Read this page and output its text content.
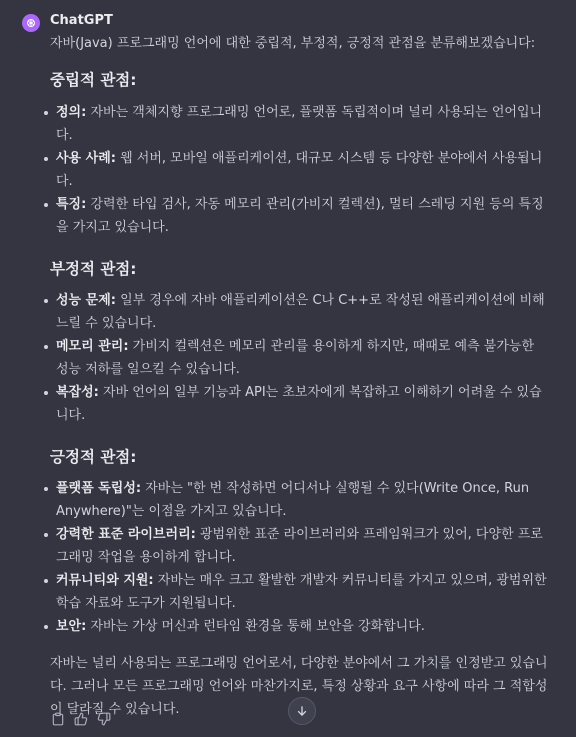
ChatGPT

자바(Java) 프로그래밍 언어에 대한 중립적, 부정적, 긍정적 관점을 분류해보겠습니다:

중립적 관점:
정의: 자바는 객체지향 프로그래밍 언어로, 플랫폼 독립적이며 널리 사용되는 언어입니다.
사용 사례: 웹 서버, 모바일 애플리케이션, 대규모 시스템 등 다양한 분야에서 사용됩니다.
특징: 강력한 타입 검사, 자동 메모리 관리(가비지 컬렉션), 멀티 스레딩 지원 등의 특징을 가지고 있습니다.
부정적 관점:
성능 문제: 일부 경우에 자바 애플리케이션은 C나 C++로 작성된 애플리케이션에 비해 느릴 수 있습니다.
메모리 관리: 가비지 컬렉션은 메모리 관리를 용이하게 하지만, 때때로 예측 불가능한 성능 저하를 일으킬 수 있습니다.
복잡성: 자바 언어의 일부 기능과 API는 초보자에게 복잡하고 이해하기 어려울 수 있습니다.
긍정적 관점:
플랫폼 독립성: 자바는 "한 번 작성하면 어디서나 실행될 수 있다(Write Once, Run Anywhere)"는 이점을 가지고 있습니다.
강력한 표준 라이브러리: 광범위한 표준 라이브러리와 프레임워크가 있어, 다양한 프로그래밍 작업을 용이하게 합니다.
커뮤니티와 지원: 자바는 매우 크고 활발한 개발자 커뮤니티를 가지고 있으며, 광범위한 학습 자료와 도구가 지원됩니다.
보안: 자바는 가상 머신과 런타임 환경을 통해 보안을 강화합니다.

자바는 널리 사용되는 프로그래밍 언어로서, 다양한 분야에서 그 가치를 인정받고 있습니다. 그러나 모든 프로그래밍 언어와 마찬가지로, 특정 상황과 요구 사항에 따라 그 적합성이 달라질 수 있습니다.
